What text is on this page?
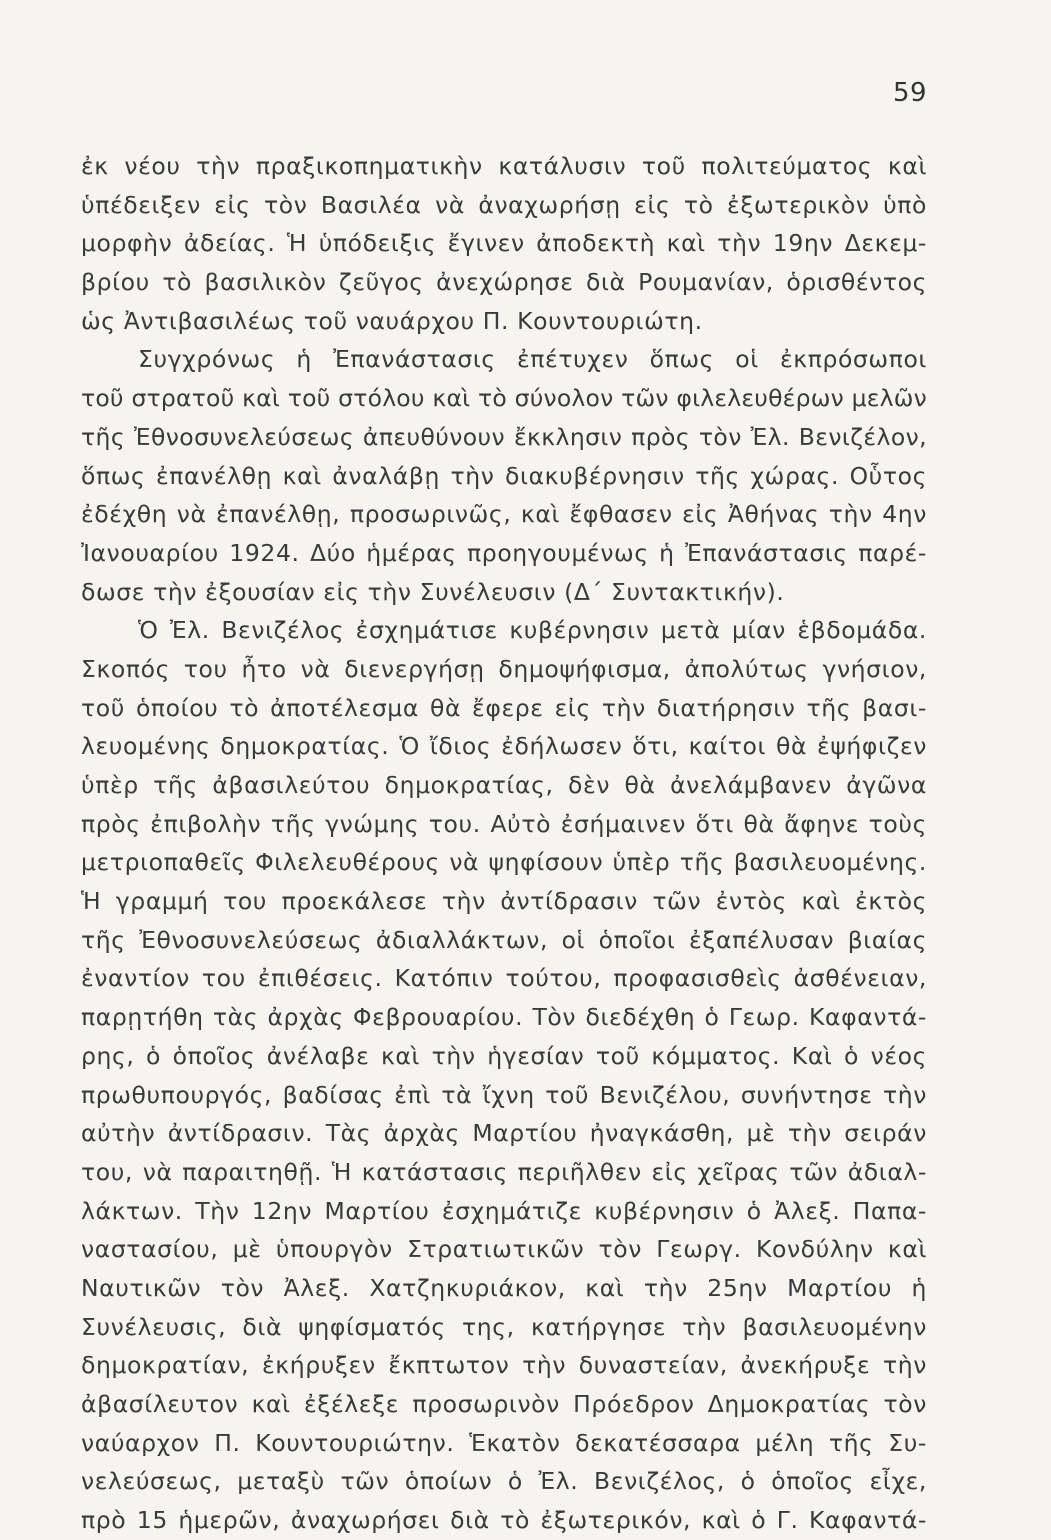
59
ἐκ νέου τὴν πραξικοπηματικὴν κατάλυσιν τοῦ πολιτεύματος καὶ
ὑπέδειξεν εἰς τὸν Βασιλέα νὰ ἀναχωρήσῃ εἰς τὸ ἐξωτερικὸν ὑπὸ
μορφὴν ἀδείας. Ἡ ὑπόδειξις ἔγινεν ἀποδεκτὴ καὶ τὴν 19ην Δεκεμ-
βρίου τὸ βασιλικὸν ζεῦγος ἀνεχώρησε διὰ Ρουμανίαν, ὁρισθέντος
ὡς Ἀντιβασιλέως τοῦ ναυάρχου Π. Κουντουριώτη.
Συγχρόνως ἡ Ἐπανάστασις ἐπέτυχεν ὅπως οἱ ἐκπρόσωποι
τοῦ στρατοῦ καὶ τοῦ στόλου καὶ τὸ σύνολον τῶν φιλελευθέρων μελῶν
τῆς Ἐθνοσυνελεύσεως ἀπευθύνουν ἔκκλησιν πρὸς τὸν Ἐλ. Βενιζέλον,
ὅπως ἐπανέλθῃ καὶ ἀναλάβῃ τὴν διακυβέρνησιν τῆς χώρας. Οὗτος
ἐδέχθη νὰ ἐπανέλθῃ, προσωρινῶς, καὶ ἔφθασεν εἰς Ἀθήνας τὴν 4ην
Ἰανουαρίου 1924. Δύο ἡμέρας προηγουμένως ἡ Ἐπανάστασις παρέ-
δωσε τὴν ἐξουσίαν εἰς τὴν Συνέλευσιν (Δ΄ Συντακτικήν).
Ὁ Ἐλ. Βενιζέλος ἐσχημάτισε κυβέρνησιν μετὰ μίαν ἑβδομάδα.
Σκοπός του ἦτο νὰ διενεργήσῃ δημοψήφισμα, ἀπολύτως γνήσιον,
τοῦ ὁποίου τὸ ἀποτέλεσμα θὰ ἔφερε εἰς τὴν διατήρησιν τῆς βασι-
λευομένης δημοκρατίας. Ὁ ἴδιος ἐδήλωσεν ὅτι, καίτοι θὰ ἐψήφιζεν
ὑπὲρ τῆς ἀβασιλεύτου δημοκρατίας, δὲν θὰ ἀνελάμβανεν ἀγῶνα
πρὸς ἐπιβολὴν τῆς γνώμης του. Αὐτὸ ἐσήμαινεν ὅτι θὰ ἄφηνε τοὺς
μετριοπαθεῖς Φιλελευθέρους νὰ ψηφίσουν ὑπὲρ τῆς βασιλευομένης.
Ἡ γραμμή του προεκάλεσε τὴν ἀντίδρασιν τῶν ἐντὸς καὶ ἐκτὸς
τῆς Ἐθνοσυνελεύσεως ἀδιαλλάκτων, οἱ ὁποῖοι ἐξαπέλυσαν βιαίας
ἐναντίον του ἐπιθέσεις. Κατόπιν τούτου, προφασισθεὶς ἀσθένειαν,
παρῃτήθη τὰς ἀρχὰς Φεβρουαρίου. Τὸν διεδέχθη ὁ Γεωρ. Καφαντά-
ρης, ὁ ὁποῖος ἀνέλαβε καὶ τὴν ἡγεσίαν τοῦ κόμματος. Καὶ ὁ νέος
πρωθυπουργός, βαδίσας ἐπὶ τὰ ἴχνη τοῦ Βενιζέλου, συνήντησε τὴν
αὐτὴν ἀντίδρασιν. Τὰς ἀρχὰς Μαρτίου ἠναγκάσθη, μὲ τὴν σειράν
του, νὰ παραιτηθῇ. Ἡ κατάστασις περιῆλθεν εἰς χεῖρας τῶν ἀδιαλ-
λάκτων. Τὴν 12ην Μαρτίου ἐσχημάτιζε κυβέρνησιν ὁ Ἀλεξ. Παπα-
ναστασίου, μὲ ὑπουργὸν Στρατιωτικῶν τὸν Γεωργ. Κονδύλην καὶ
Ναυτικῶν τὸν Ἀλεξ. Χατζηκυριάκον, καὶ τὴν 25ην Μαρτίου ἡ
Συνέλευσις, διὰ ψηφίσματός της, κατήργησε τὴν βασιλευομένην
δημοκρατίαν, ἐκήρυξεν ἔκπτωτον τὴν δυναστείαν, ἀνεκήρυξε τὴν
ἀβασίλευτον καὶ ἐξέλεξε προσωρινὸν Πρόεδρον Δημοκρατίας τὸν
ναύαρχον Π. Κουντουριώτην. Ἑκατὸν δεκατέσσαρα μέλη τῆς Συ-
νελεύσεως, μεταξὺ τῶν ὁποίων ὁ Ἐλ. Βενιζέλος, ὁ ὁποῖος εἶχε,
πρὸ 15 ἡμερῶν, ἀναχωρήσει διὰ τὸ ἐξωτερικόν, καὶ ὁ Γ. Καφαντά-
